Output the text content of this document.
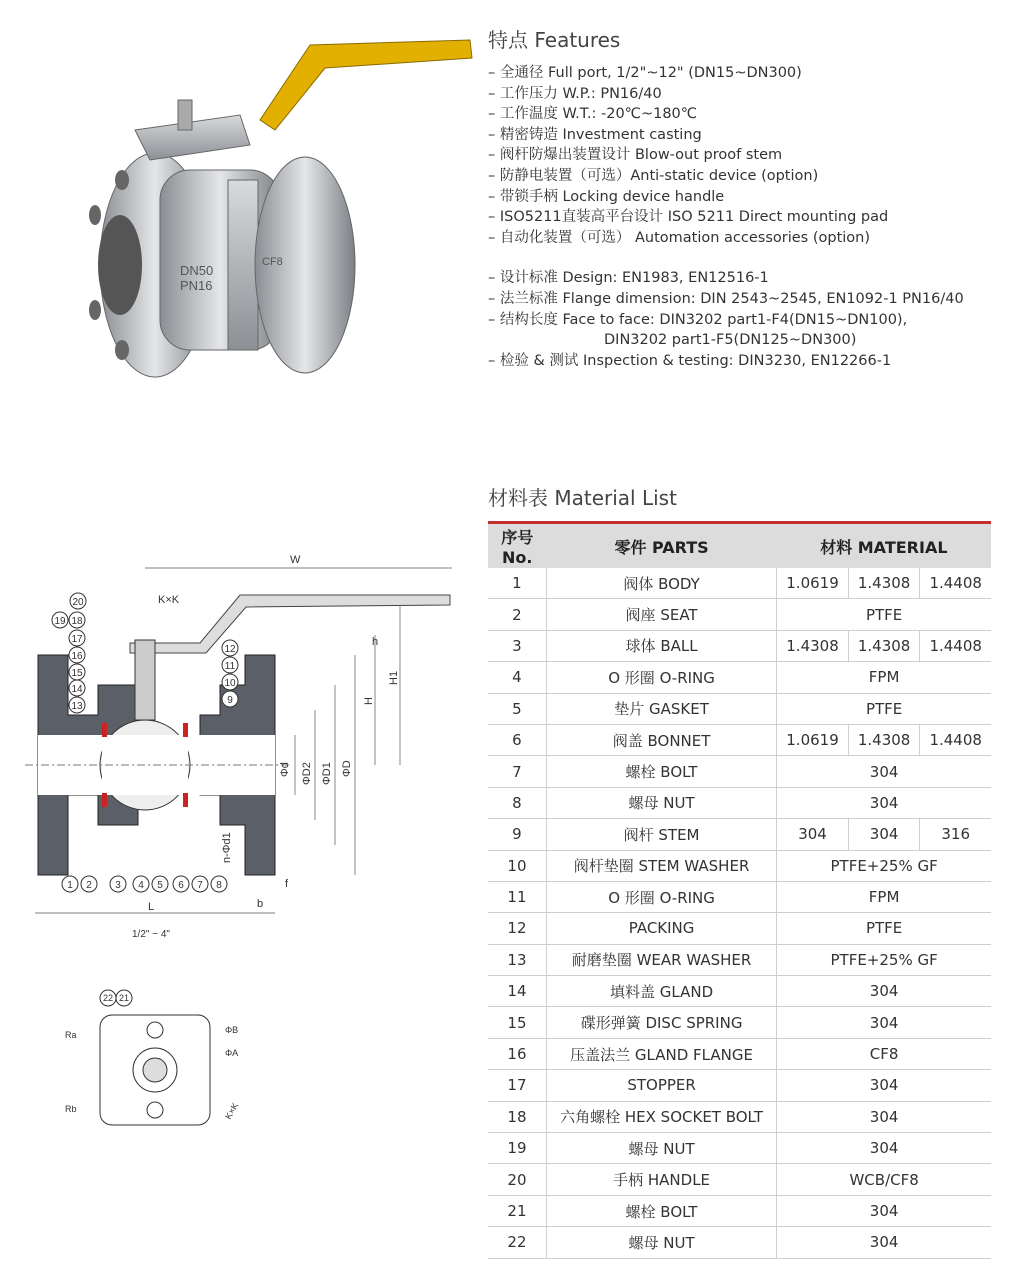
DN50
PN16
CF8
特点 Features
– 全通径 Full port, 1/2"~12" (DN15~DN300)
– 工作压力 W.P.: PN16/40
– 工作温度 W.T.: -20℃~180℃
– 精密铸造 Investment casting
– 阀杆防爆出装置设计 Blow-out proof stem
– 防静电装置（可选）Anti-static device (option)
– 带锁手柄 Locking device handle
– ISO5211直装高平台设计 ISO 5211 Direct mounting pad
– 自动化装置（可选） Automation accessories (option)
– 设计标准 Design: EN1983, EN12516-1
– 法兰标准 Flange dimension: DIN 2543~2545, EN1092-1 PN16/40
– 结构长度 Face to face: DIN3202 part1-F4(DN15~DN100),
DIN3202 part1-F5(DN125~DN300)
– 检验 & 测试 Inspection & testing: DIN3230, EN12266-1
W
K×K
Φd ΦD2 ΦD1 ΦD
H
H1
h
n-Φd1
L
1/2" ~ 4"
b
f
20
19 18
17
16
15
14
13
12
11
10
9
1 2 3 4 5 6 7 8
22 21
Ra
Rb
ΦB
ΦA
K×K
材料表 Material List
序号No.	零件 PARTS	材料 MATERIAL		
1	阀体 BODY	1.0619	1.4308	1.4408
2	阀座 SEAT	PTFE		
3	球体 BALL	1.4308	1.4308	1.4408
4	O 形圈 O-RING	FPM		
5	垫片 GASKET	PTFE		
6	阀盖 BONNET	1.0619	1.4308	1.4408
7	螺栓 BOLT	304		
8	螺母 NUT	304		
9	阀杆 STEM	304	304	316
10	阀杆垫圈 STEM WASHER	PTFE+25% GF		
11	O 形圈 O-RING	FPM		
12	PACKING	PTFE		
13	耐磨垫圈 WEAR WASHER	PTFE+25% GF		
14	填料盖 GLAND	304		
15	碟形弹簧 DISC SPRING	304		
16	压盖法兰 GLAND FLANGE	CF8		
17	STOPPER	304		
18	六角螺栓 HEX SOCKET BOLT	304		
19	螺母 NUT	304		
20	手柄 HANDLE	WCB/CF8		
21	螺栓 BOLT	304		
22	螺母 NUT	304		
